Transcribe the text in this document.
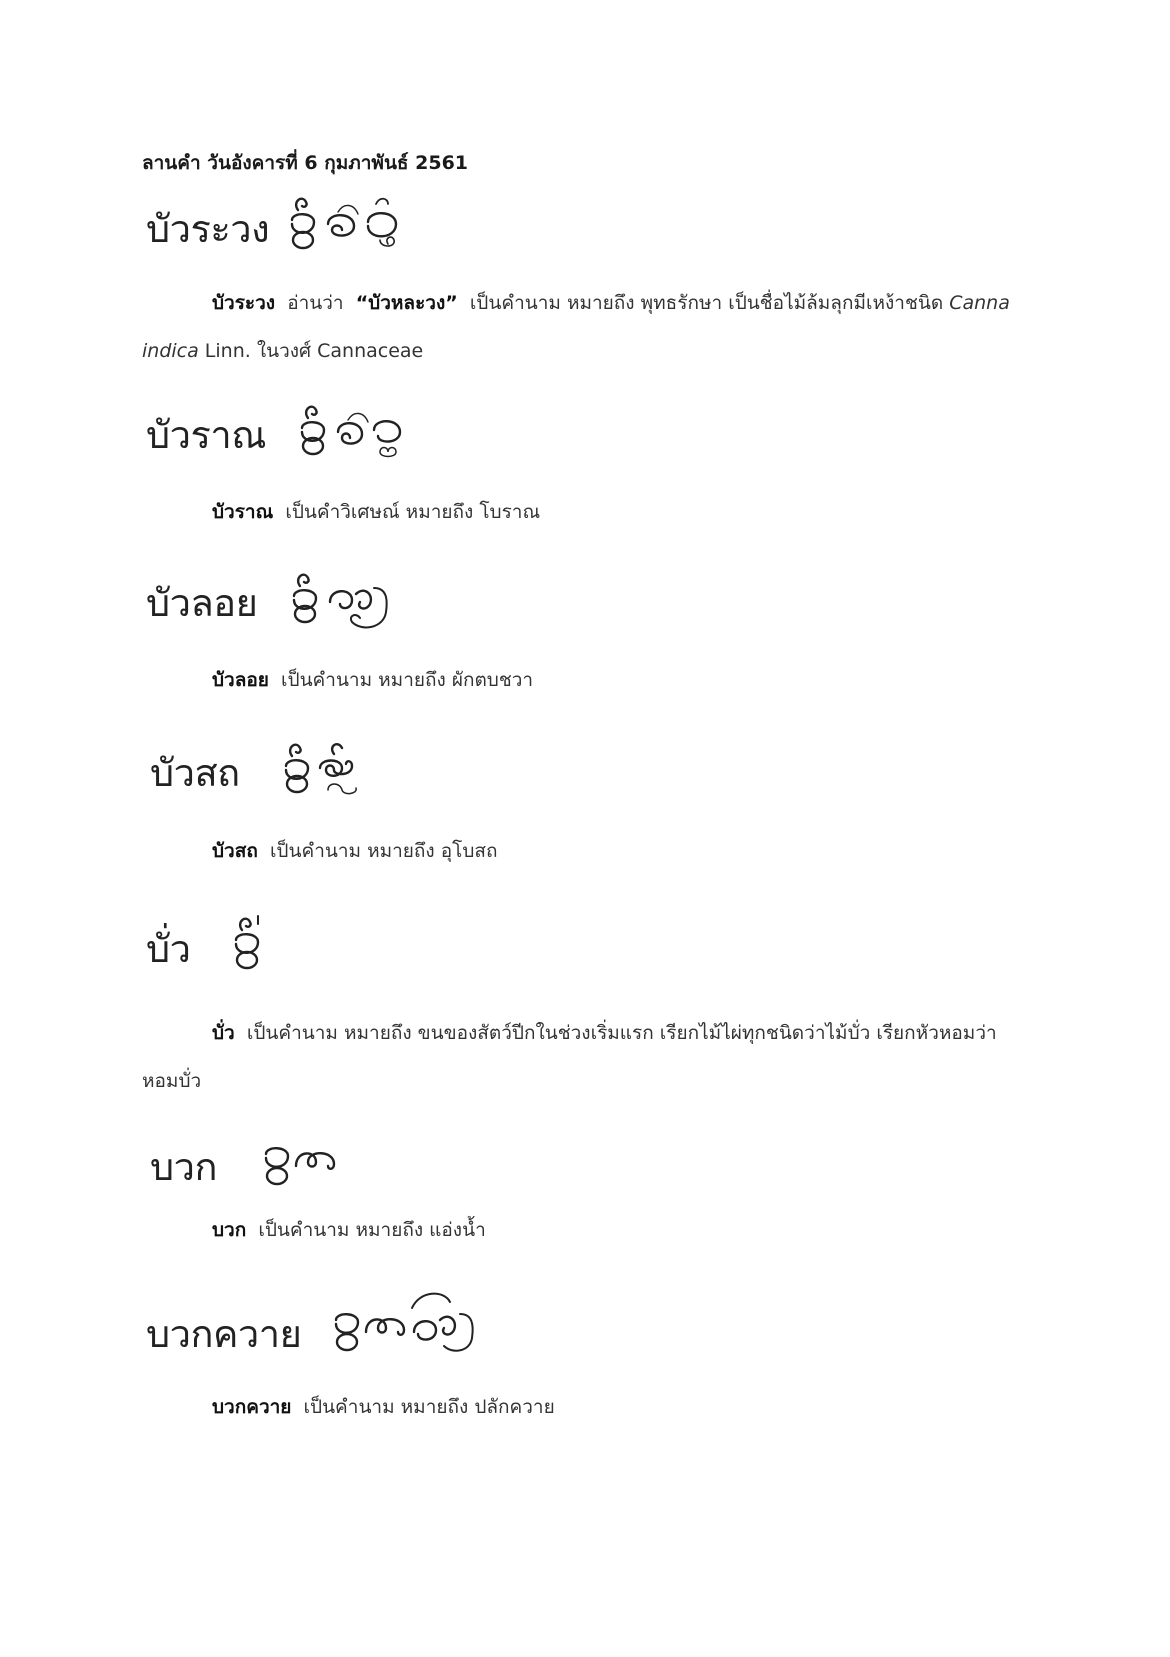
ลานคำ วันอังคารที่ 6 กุมภาพันธ์ 2561
บัวระวง
บัวระวง อ่านว่า “บัวหละวง” เป็นคำนาม หมายถึง พุทธรักษา เป็นชื่อไม้ล้มลุกมีเหง้าชนิด Canna
indica Linn. ในวงศ์ Cannaceae
บัวราณ
บัวราณ เป็นคำวิเศษณ์ หมายถึง โบราณ
บัวลอย
บัวลอย เป็นคำนาม หมายถึง ผักตบชวา
บัวสถ
บัวสถ เป็นคำนาม หมายถึง อุโบสถ
บั่ว
บั่ว เป็นคำนาม หมายถึง ขนของสัตว์ปีกในช่วงเริ่มแรก เรียกไม้ไผ่ทุกชนิดว่าไม้บั่ว เรียกหัวหอมว่า
หอมบั่ว
บวก
บวก เป็นคำนาม หมายถึง แอ่งน้ำ
บวกควาย
บวกควาย เป็นคำนาม หมายถึง ปลักควาย
